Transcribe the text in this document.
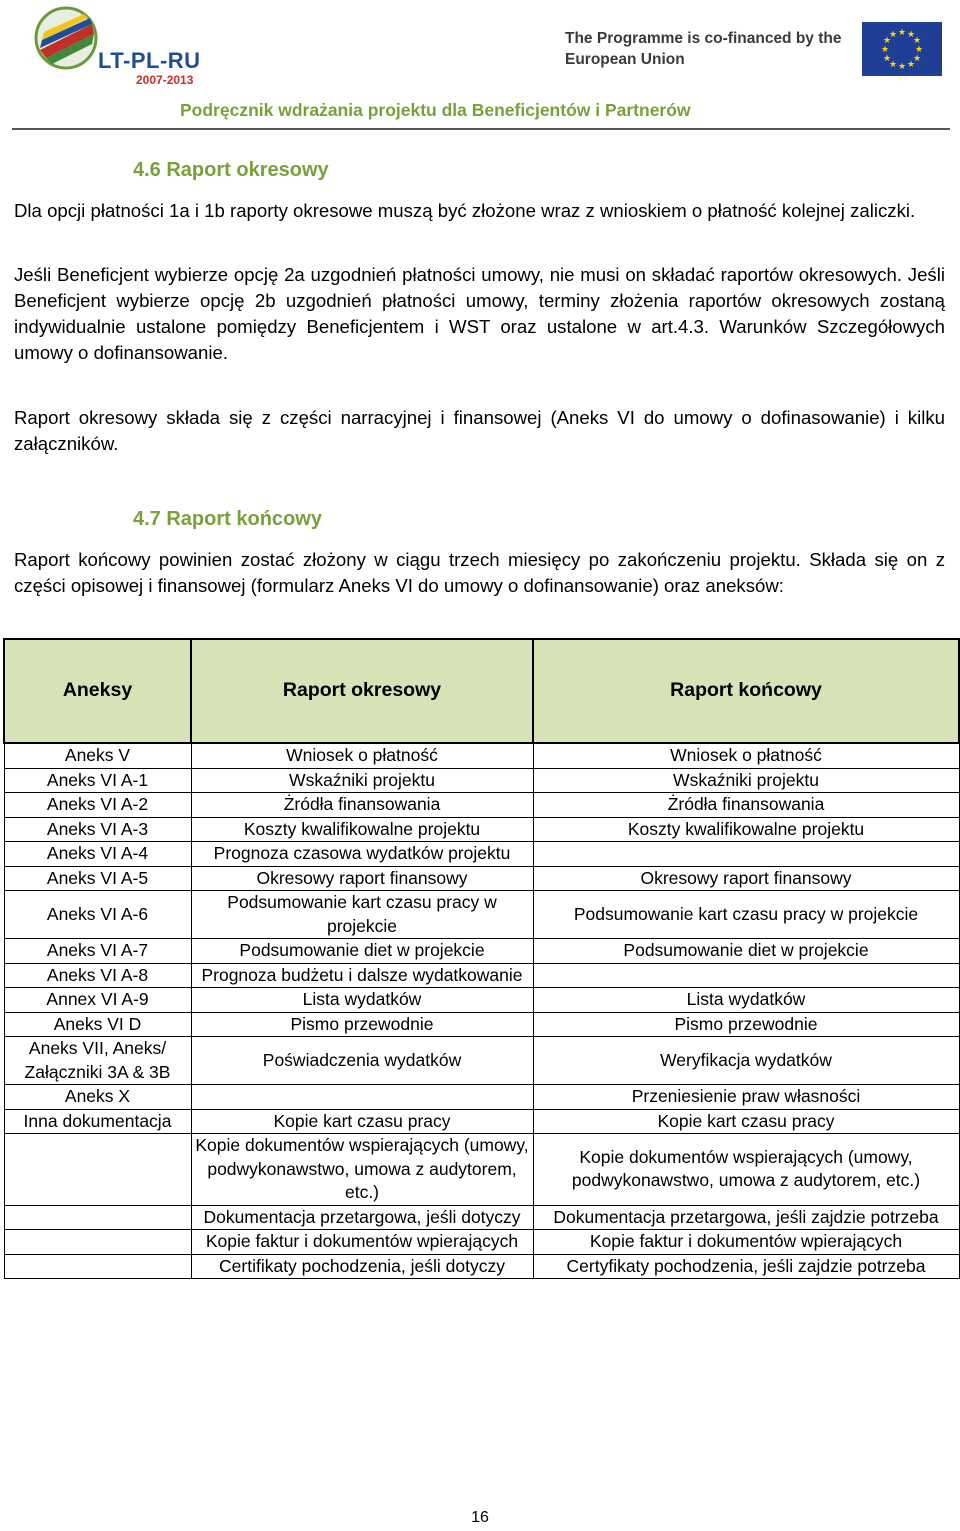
LT-PL-RU
2007-2013
The Programme is co-financed by the European Union
★ ★
★
★
★
★
★
★
★
★
★
★
Podręcznik wdrażania projektu dla Beneficjentów i Partnerów
4.6 Raport okresowy
Dla opcji płatności 1a i 1b raporty okresowe muszą być złożone wraz z wnioskiem o płatność kolejnej zaliczki.
Jeśli Beneficjent wybierze opcję 2a uzgodnień płatności umowy, nie musi on składać raportów okresowych. Jeśli Beneficjent wybierze opcję 2b uzgodnień płatności umowy, terminy złożenia raportów okresowych zostaną indywidualnie ustalone pomiędzy Beneficjentem i WST oraz ustalone w art.4.3. Warunków Szczegółowych umowy o dofinansowanie.
Raport okresowy składa się z części narracyjnej i finansowej (Aneks VI do umowy o dofinasowanie) i kilku załączników.
4.7 Raport końcowy
Raport końcowy powinien zostać złożony w ciągu trzech miesięcy po zakończeniu projektu. Składa się on z części opisowej i finansowej (formularz Aneks VI do umowy o dofinansowanie) oraz aneksów:
Aneksy	Raport okresowy	Raport końcowy
Aneks V	Wniosek o płatność	Wniosek o płatność
Aneks VI A-1	Wskaźniki projektu	Wskaźniki projektu
Aneks VI A-2	Żródła finansowania	Żródła finansowania
Aneks VI A-3	Koszty kwalifikowalne projektu	Koszty kwalifikowalne projektu
Aneks VI A-4	Prognoza czasowa wydatków projektu	
Aneks VI A-5	Okresowy raport finansowy	Okresowy raport finansowy
Aneks VI A-6	Podsumowanie kart czasu pracy w projekcie	Podsumowanie kart czasu pracy w projekcie
Aneks VI A-7	Podsumowanie diet w projekcie	Podsumowanie diet w projekcie
Aneks VI A-8	Prognoza budżetu i dalsze wydatkowanie	
Annex VI A-9	Lista wydatków	Lista wydatków
Aneks VI D	Pismo przewodnie	Pismo przewodnie
Aneks VII, Aneks/ Załączniki 3A & 3B	Poświadczenia wydatków	Weryfikacja wydatków
Aneks X		Przeniesienie praw własności
Inna dokumentacja	Kopie kart czasu pracy	Kopie kart czasu pracy
	Kopie dokumentów wspierających (umowy, podwykonawstwo, umowa z audytorem, etc.)	Kopie dokumentów wspierających (umowy, podwykonawstwo, umowa z audytorem, etc.)
	Dokumentacja przetargowa, jeśli dotyczy	Dokumentacja przetargowa, jeśli zajdzie potrzeba
	Kopie faktur i dokumentów wpierających	Kopie faktur i dokumentów wpierających
	Certifikaty pochodzenia, jeśli dotyczy	Certyfikaty pochodzenia, jeśli zajdzie potrzeba
16
